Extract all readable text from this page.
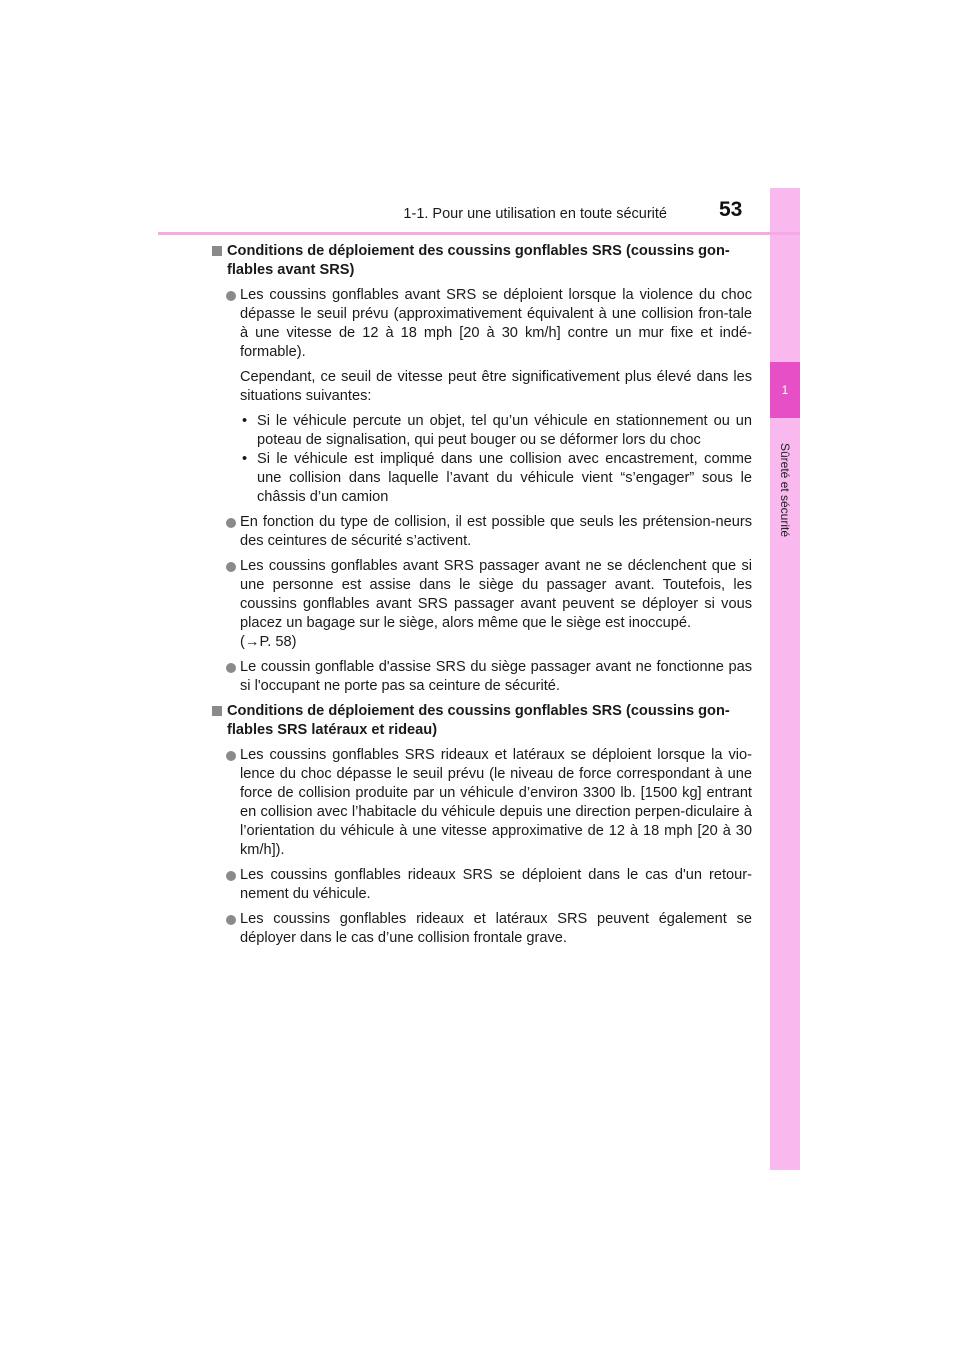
1
Sûreté et sécurité
1-1. Pour une utilisation en toute sécurité 53
Conditions de déploiement des coussins gonflables SRS (coussins gon-flables avant SRS)
Les coussins gonflables avant SRS se déploient lorsque la violence du choc dépasse le seuil prévu (approximativement équivalent à une collision fron-tale à une vitesse de 12 à 18 mph [20 à 30 km/h] contre un mur fixe et indé-formable).
Cependant, ce seuil de vitesse peut être significativement plus élevé dans les situations suivantes:
• Si le véhicule percute un objet, tel qu’un véhicule en stationnement ou un poteau de signalisation, qui peut bouger ou se déformer lors du choc
• Si le véhicule est impliqué dans une collision avec encastrement, comme une collision dans laquelle l’avant du véhicule vient “s’engager” sous le châssis d’un camion
En fonction du type de collision, il est possible que seuls les prétension-neurs des ceintures de sécurité s’activent.
Les coussins gonflables avant SRS passager avant ne se déclenchent que si une personne est assise dans le siège du passager avant. Toutefois, les coussins gonflables avant SRS passager avant peuvent se déployer si vous placez un bagage sur le siège, alors même que le siège est inoccupé.
(→P. 58)
Le coussin gonflable d'assise SRS du siège passager avant ne fonctionne pas si l'occupant ne porte pas sa ceinture de sécurité.
Conditions de déploiement des coussins gonflables SRS (coussins gon-flables SRS latéraux et rideau)
Les coussins gonflables SRS rideaux et latéraux se déploient lorsque la vio-lence du choc dépasse le seuil prévu (le niveau de force correspondant à une force de collision produite par un véhicule d’environ 3300 lb. [1500 kg] entrant en collision avec l’habitacle du véhicule depuis une direction perpen-diculaire à l’orientation du véhicule à une vitesse approximative de 12 à 18 mph [20 à 30 km/h]).
Les coussins gonflables rideaux SRS se déploient dans le cas d'un retour-nement du véhicule.
Les coussins gonflables rideaux et latéraux SRS peuvent également se déployer dans le cas d’une collision frontale grave.
